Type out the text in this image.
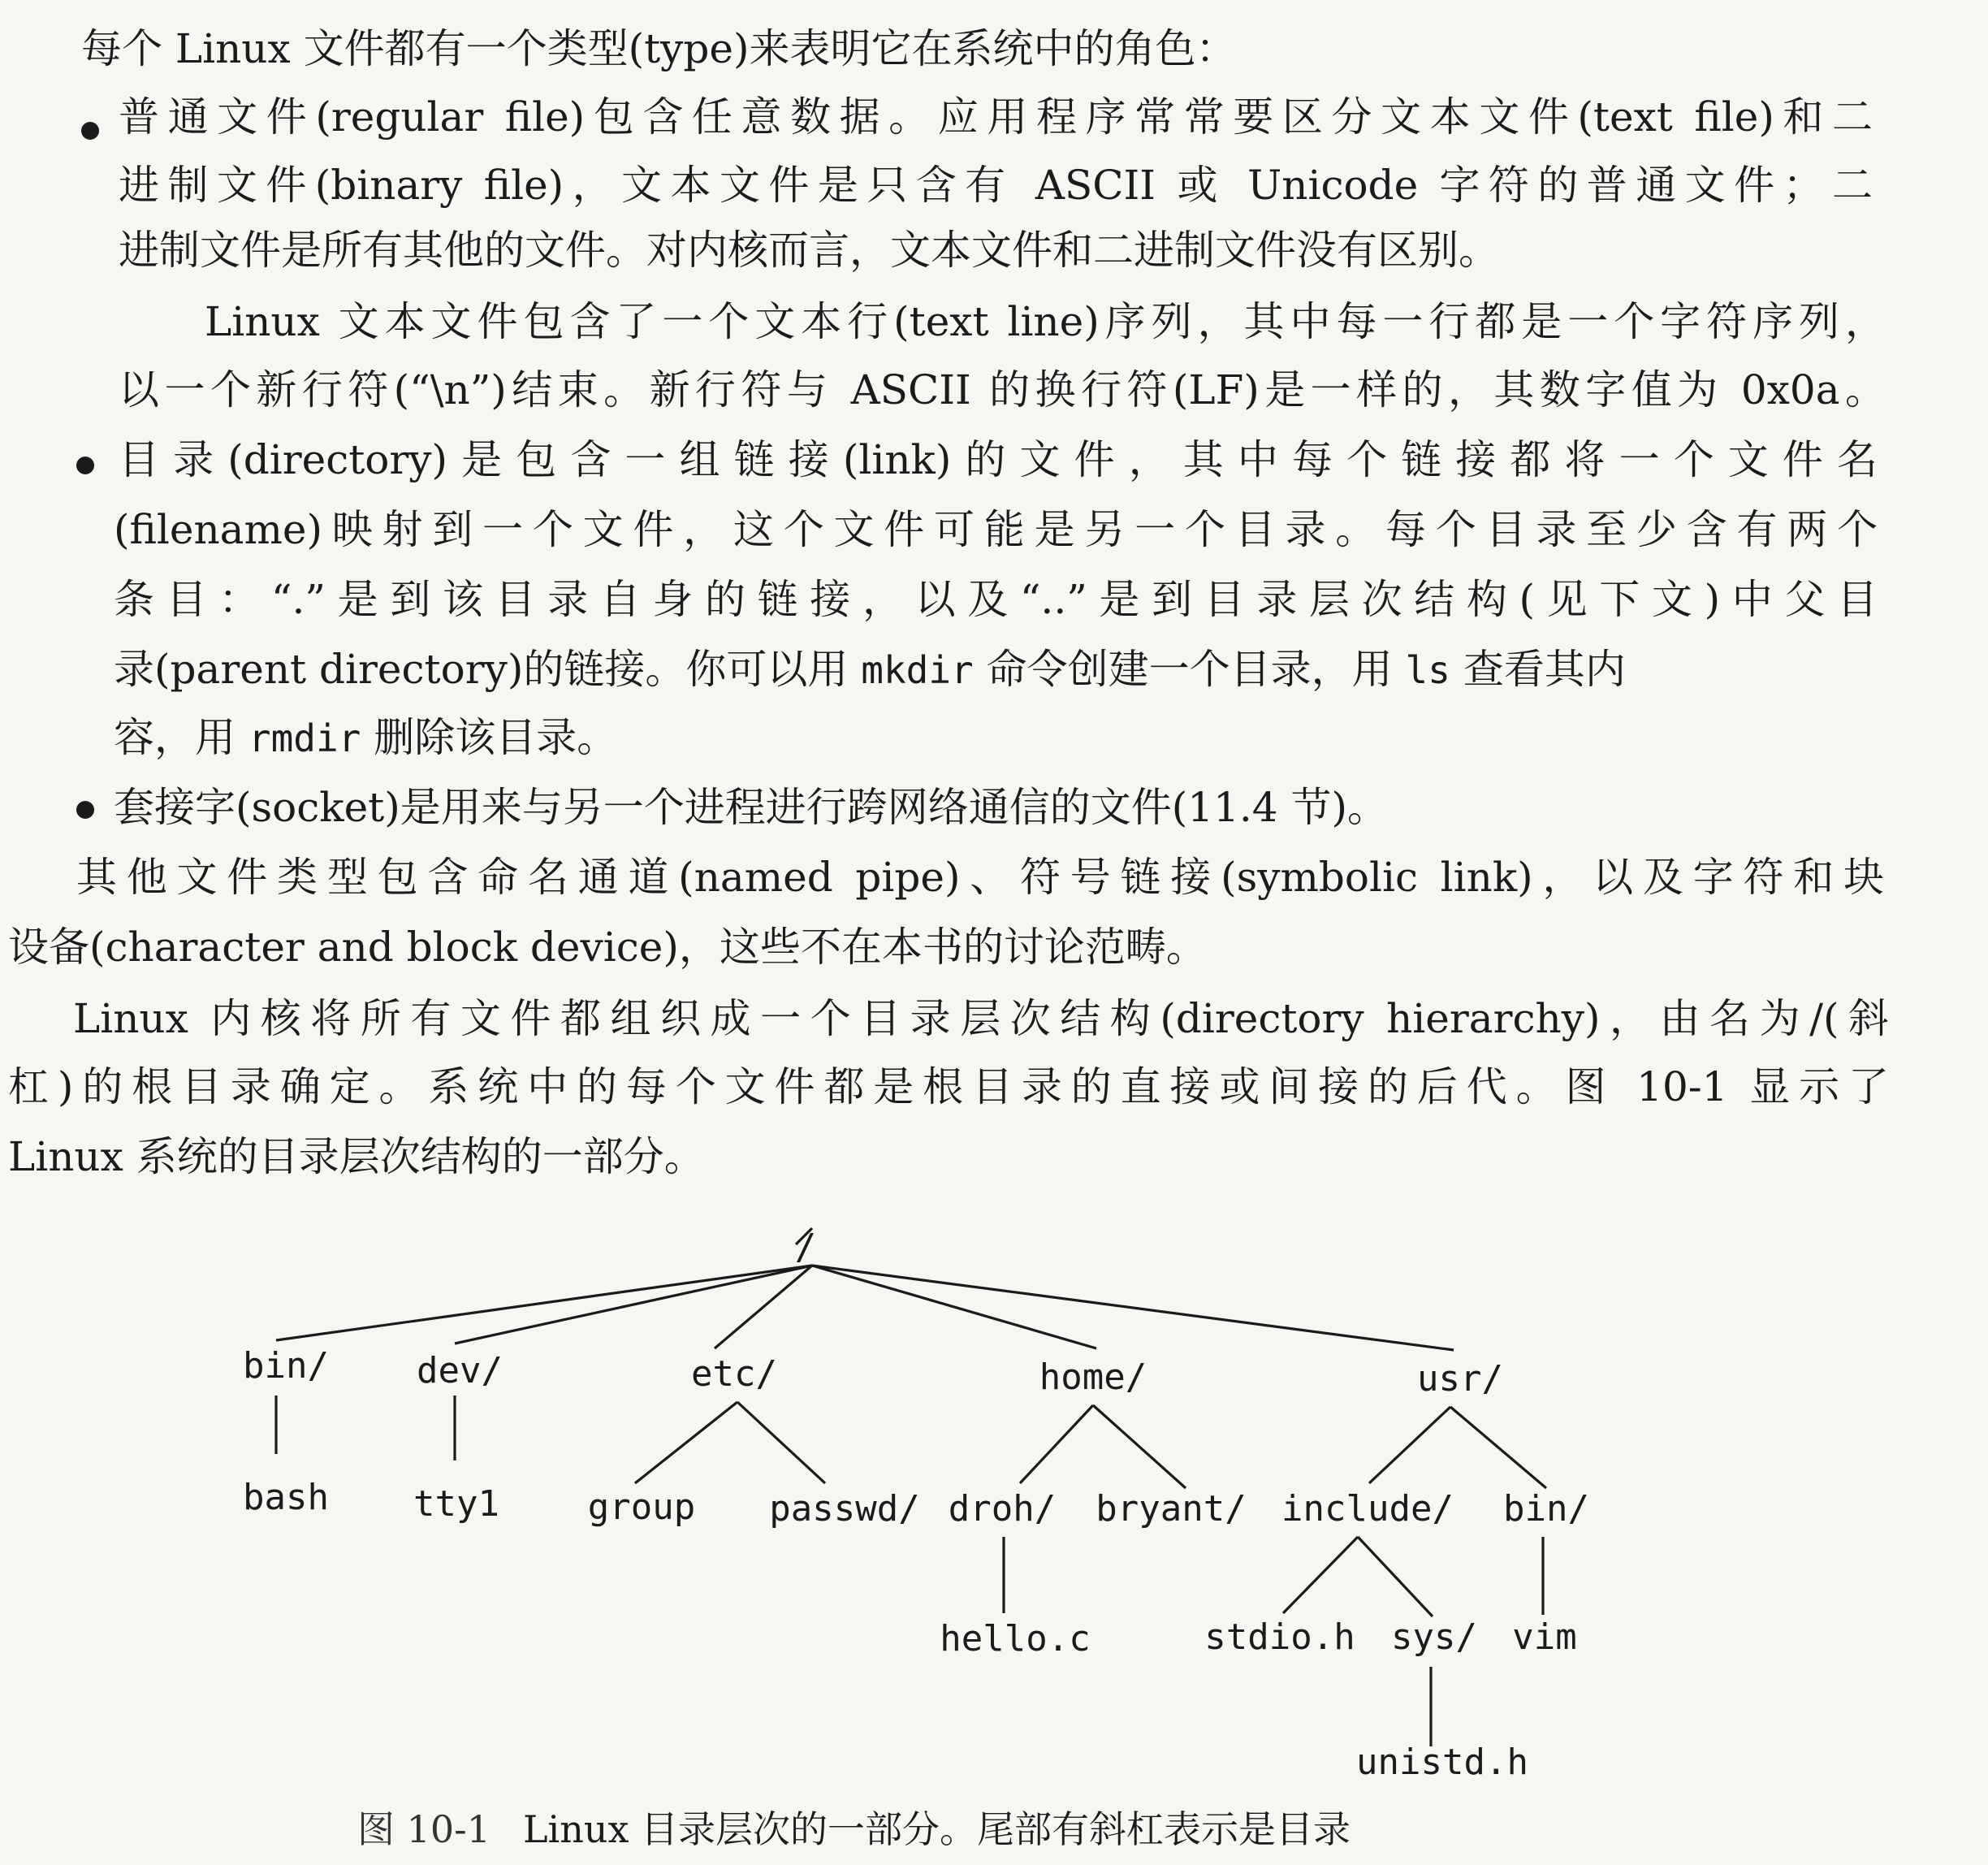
每个 Linux 文件都有一个类型(type)来表明它在系统中的角色：
普通文件(regular file)包含任意数据。应用程序常常要区分文本文件(text file)和二
进制文件(binary file)，文本文件是只含有 ASCII 或 Unicode 字符的普通文件；二
进制文件是所有其他的文件。对内核而言，文本文件和二进制文件没有区别。
Linux 文本文件包含了一个文本行(text line)序列，其中每一行都是一个字符序列，
以一个新行符(“\n”)结束。新行符与 ASCII 的换行符(LF)是一样的，其数字值为 0x0a。
目录(directory)是包含一组链接(link)的文件，其中每个链接都将一个文件名
(filename)映射到一个文件，这个文件可能是另一个目录。每个目录至少含有两个
条目：“.”是到该目录自身的链接，以及“..”是到目录层次结构(见下文)中父目
录(parent directory)的链接。你可以用 mkdir 命令创建一个目录，用 ls 查看其内
容，用 rmdir 删除该目录。
套接字(socket)是用来与另一个进程进行跨网络通信的文件(11.4 节)。
其他文件类型包含命名通道(named pipe)、符号链接(symbolic link)，以及字符和块
设备(character and block device)，这些不在本书的讨论范畴。
Linux 内核将所有文件都组织成一个目录层次结构(directory hierarchy)，由名为/(斜
杠)的根目录确定。系统中的每个文件都是根目录的直接或间接的后代。图 10-1 显示了
Linux 系统的目录层次结构的一部分。
/
bin/ dev/	etc/	home/	usr/
bash tty1 group passwd/ droh/ bryant/ include/ bin/
hello.c	stdio.h sys/ vim
unistd.h
图 10-1 Linux 目录层次的一部分。尾部有斜杠表示是目录
